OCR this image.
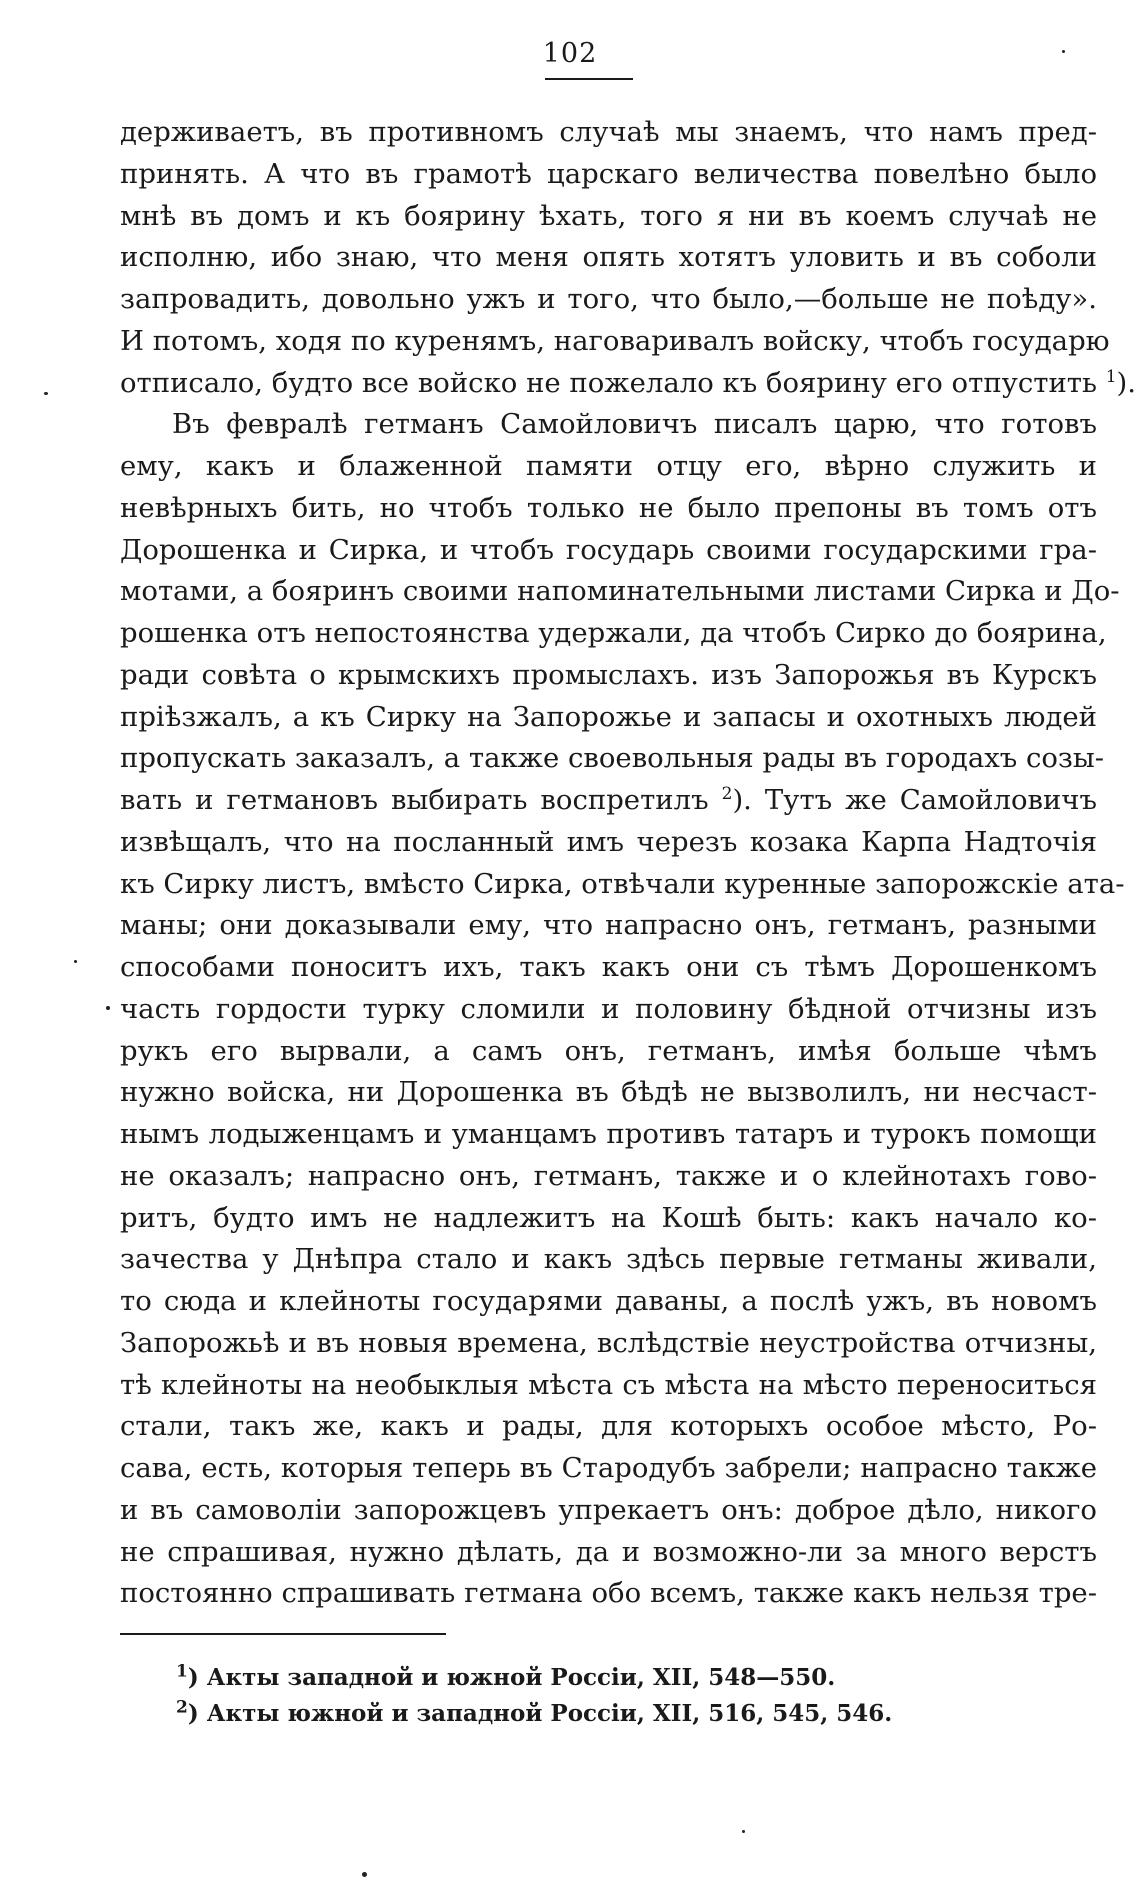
102
держиваетъ, въ противномъ случаѣ мы знаемъ, что намъ пред-
принять. А что въ грамотѣ царскаго величества повелѣно было
мнѣ въ домъ и къ боярину ѣхать, того я ни въ коемъ случаѣ не
исполню, ибо знаю, что меня опять хотятъ уловить и въ соболи
запровадить, довольно ужъ и того, что было,—больше не поѣду».
И потомъ, ходя по куренямъ, наговаривалъ войску, чтобъ государю
отписало, будто все войско не пожелало къ боярину его отпустить $^1$).
Въ февралѣ гетманъ Самойловичъ писалъ царю, что готовъ
ему, какъ и блаженной памяти отцу его, вѣрно служить и
невѣрныхъ бить, но чтобъ только не было препоны въ томъ отъ
Дорошенка и Сирка, и чтобъ государь своими государскими гра-
мотами, а бояринъ своими напоминательными листами Сирка и До-
рошенка отъ непостоянства удержали, да чтобъ Сирко до боярина,
ради совѣта о крымскихъ промыслахъ. изъ Запорожья въ Курскъ
пріѣзжалъ, а къ Сирку на Запорожье и запасы и охотныхъ людей
пропускать заказалъ, а также своевольныя рады въ городахъ созы-
вать и гетмановъ выбирать воспретилъ $^2$). Тутъ же Самойловичъ
извѣщалъ, что на посланный имъ черезъ козака Карпа Надточія
къ Сирку листъ, вмѣсто Сирка, отвѣчали куренные запорожскіе ата-
маны; они доказывали ему, что напрасно онъ, гетманъ, разными
способами поноситъ ихъ, такъ какъ они съ тѣмъ Дорошенкомъ
часть гордости турку сломили и половину бѣдной отчизны изъ
рукъ его вырвали, а самъ онъ, гетманъ, имѣя больше чѣмъ
нужно войска, ни Дорошенка въ бѣдѣ не вызволилъ, ни несчаст-
нымъ лодыженцамъ и уманцамъ противъ татаръ и турокъ помощи
не оказалъ; напрасно онъ, гетманъ, также и о клейнотахъ гово-
ритъ, будто имъ не надлежитъ на Кошѣ быть: какъ начало ко-
зачества у Днѣпра стало и какъ здѣсь первые гетманы живали,
то сюда и клейноты государями даваны, а послѣ ужъ, въ новомъ
Запорожьѣ и въ новыя времена, вслѣдствіе неустройства отчизны,
тѣ клейноты на необыклыя мѣста съ мѣста на мѣсто переноситься
стали, такъ же, какъ и рады, для которыхъ особое мѣсто, Ро-
сава, есть, которыя теперь въ Стародубъ забрели; напрасно также
и въ самоволіи запорожцевъ упрекаетъ онъ: доброе дѣло, никого
не спрашивая, нужно дѣлать, да и возможно-ли за много верстъ
постоянно спрашивать гетмана обо всемъ, также какъ нельзя тре-
$^1$) Акты западной и южной Россіи, XII, 548—550.
$^2$) Акты южной и западной Россіи, XII, 516, 545, 546.
